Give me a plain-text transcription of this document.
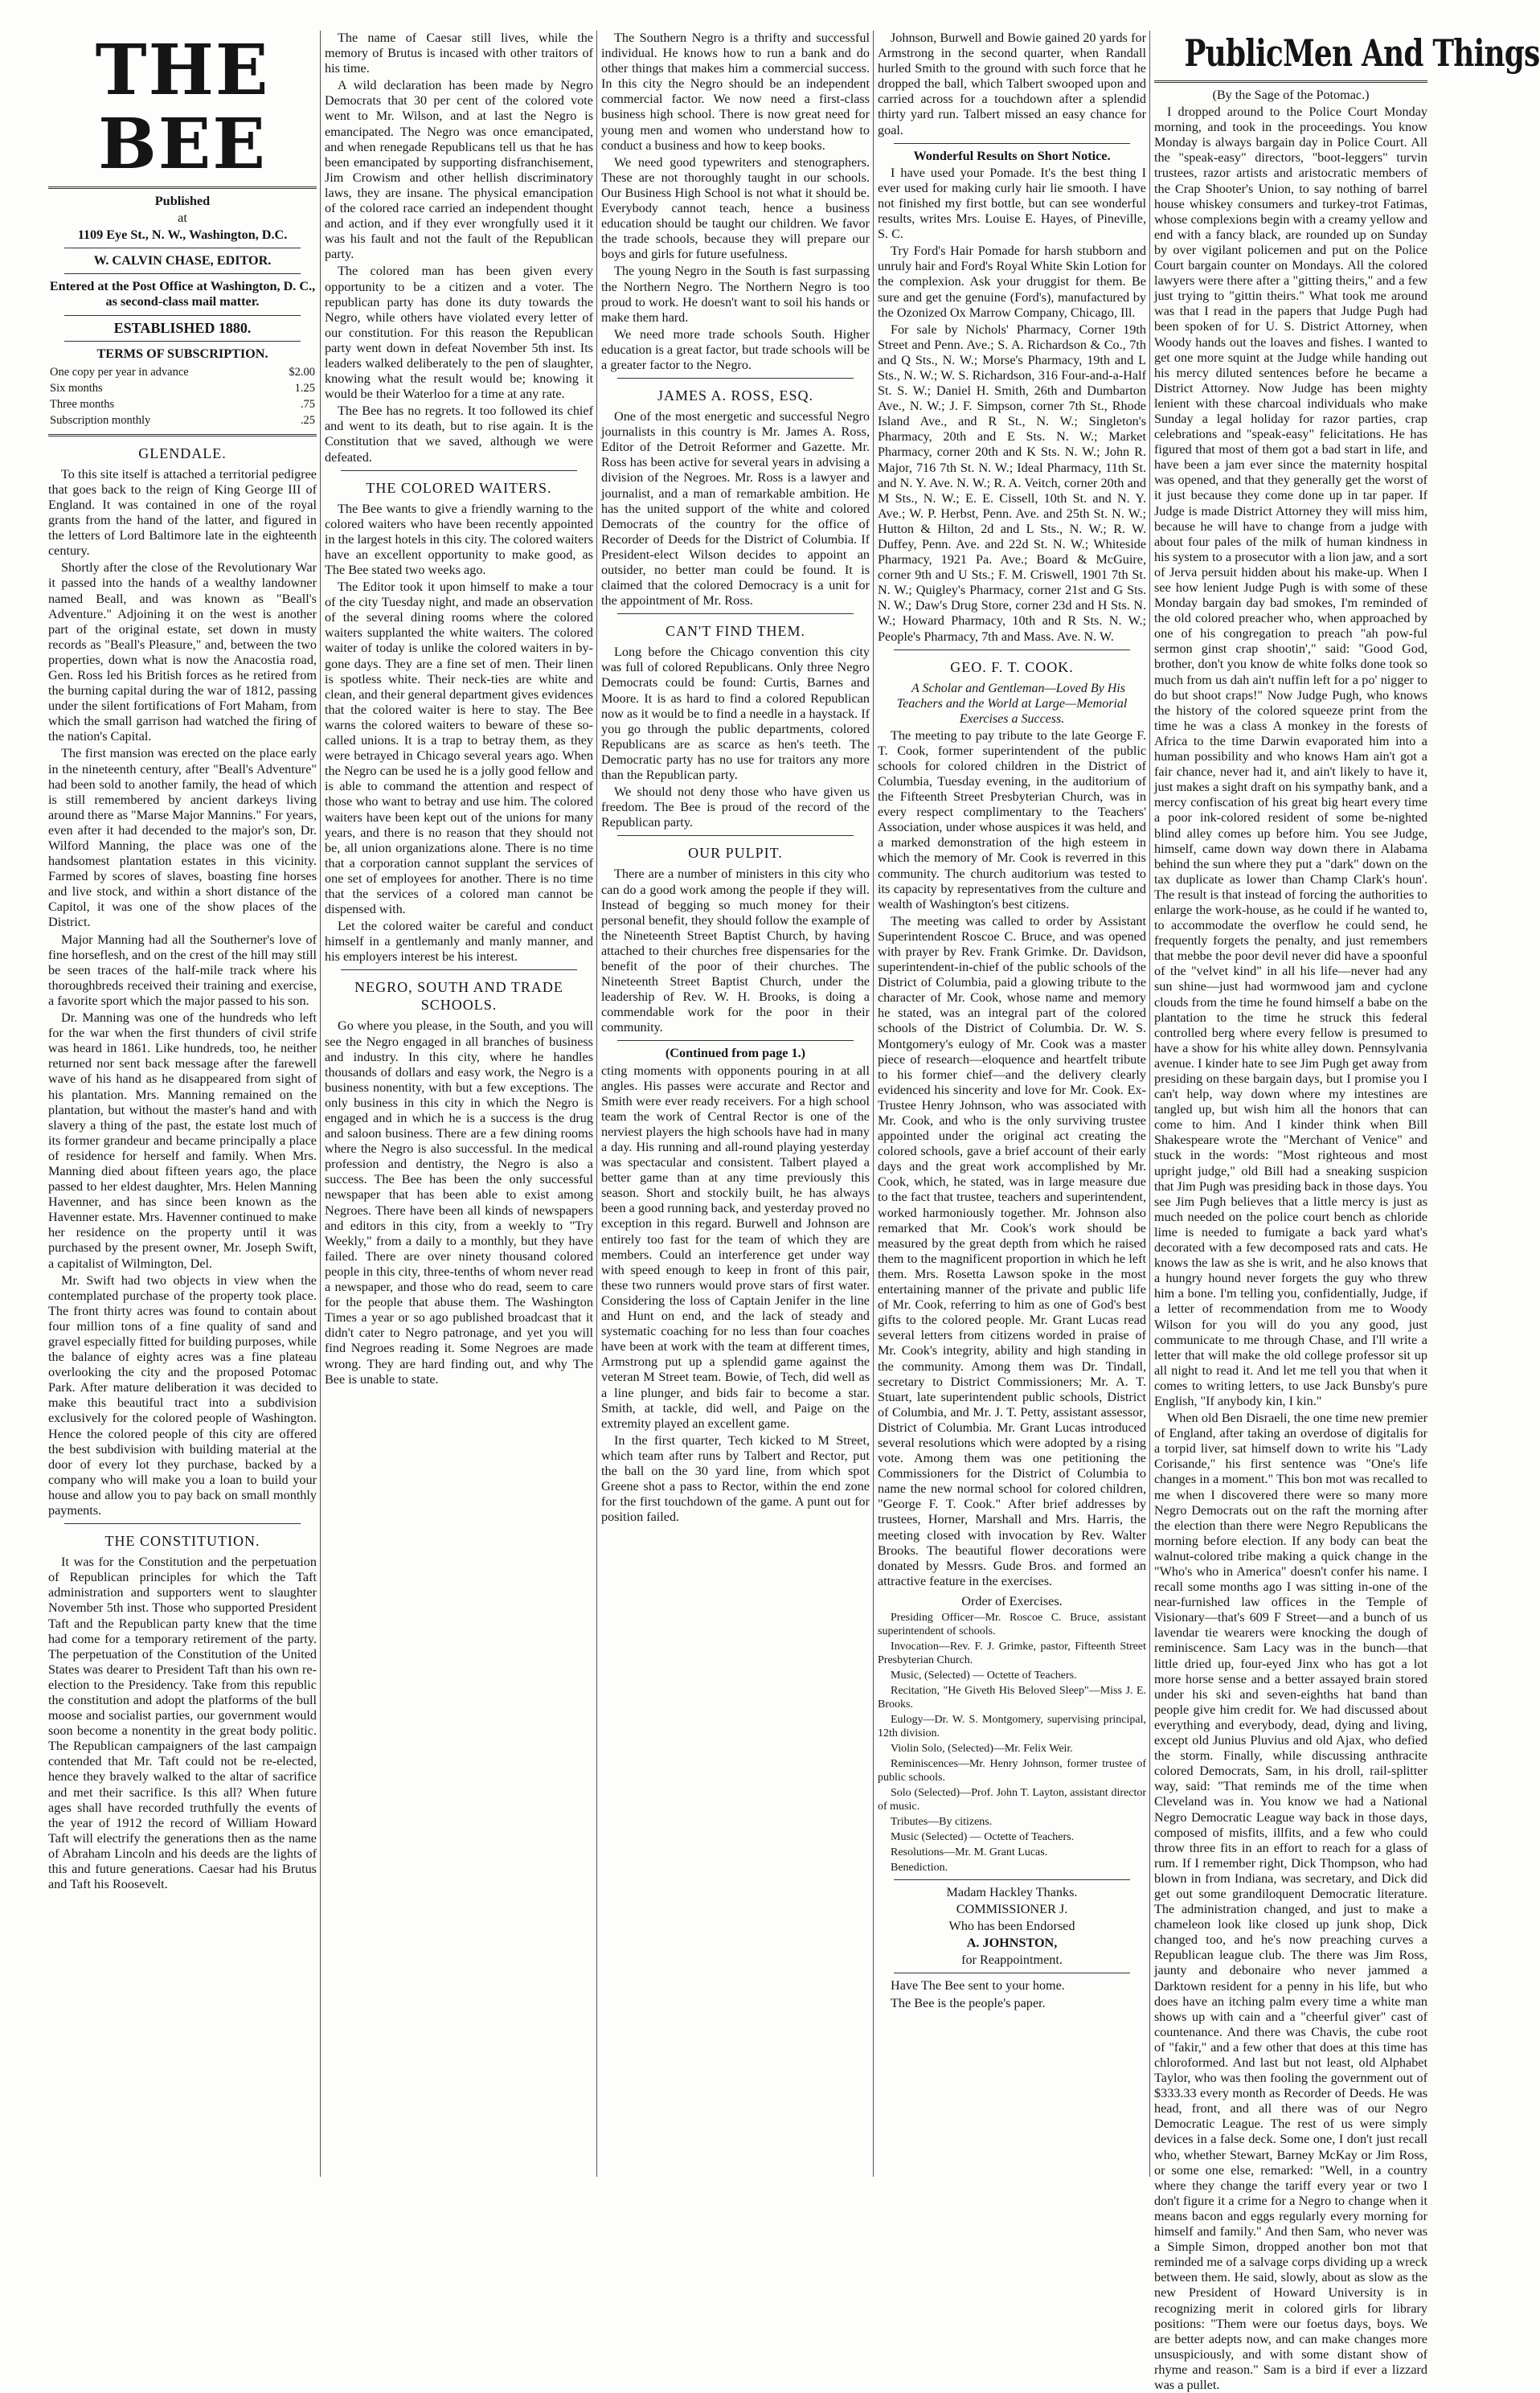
THE BEE

Published

at

1109 Eye St., N. W., Washington, D.C.

W. CALVIN CHASE, EDITOR.

Entered at the Post Office at Washington, D. C., as second-class mail matter.

ESTABLISHED 1880.

TERMS OF SUBSCRIPTION.

One copy per year in advance	$2.00
Six months	1.25
Three months	.75
Subscription monthly	.25
GLENDALE.

To this site itself is attached a territorial pedigree that goes back to the reign of King George III of England. It was contained in one of the royal grants from the hand of the latter, and figured in the letters of Lord Baltimore late in the eighteenth century.

Shortly after the close of the Revolutionary War it passed into the hands of a wealthy landowner named Beall, and was known as "Beall's Adventure." Adjoining it on the west is another part of the original estate, set down in musty records as "Beall's Pleasure," and, between the two properties, down what is now the Anacostia road, Gen. Ross led his British forces as he retired from the burning capital during the war of 1812, passing under the silent fortifications of Fort Maham, from which the small garrison had watched the firing of the nation's Capital.

The first mansion was erected on the place early in the nineteenth century, after "Beall's Adventure" had been sold to another family, the head of which is still remembered by ancient darkeys living around there as "Marse Major Mannins." For years, even after it had decended to the major's son, Dr. Wilford Manning, the place was one of the handsomest plantation estates in this vicinity. Farmed by scores of slaves, boasting fine horses and live stock, and within a short distance of the Capitol, it was one of the show places of the District.

Major Manning had all the Southerner's love of fine horseflesh, and on the crest of the hill may still be seen traces of the half-mile track where his thoroughbreds received their training and exercise, a favorite sport which the major passed to his son.

Dr. Manning was one of the hundreds who left for the war when the first thunders of civil strife was heard in 1861. Like hundreds, too, he neither returned nor sent back message after the farewell wave of his hand as he disappeared from sight of his plantation. Mrs. Manning remained on the plantation, but without the master's hand and with slavery a thing of the past, the estate lost much of its former grandeur and became principally a place of residence for herself and family. When Mrs. Manning died about fifteen years ago, the place passed to her eldest daughter, Mrs. Helen Manning Havenner, and has since been known as the Havenner estate. Mrs. Havenner continued to make her residence on the property until it was purchased by the present owner, Mr. Joseph Swift, a capitalist of Wilmington, Del.

Mr. Swift had two objects in view when the contemplated purchase of the property took place. The front thirty acres was found to contain about four million tons of a fine quality of sand and gravel especially fitted for building purposes, while the balance of eighty acres was a fine plateau overlooking the city and the proposed Potomac Park. After mature deliberation it was decided to make this beautiful tract into a subdivision exclusively for the colored people of Washington. Hence the colored people of this city are offered the best subdivision with building material at the door of every lot they purchase, backed by a company who will make you a loan to build your house and allow you to pay back on small monthly payments.

THE CONSTITUTION.

It was for the Constitution and the perpetuation of Republican principles for which the Taft administration and supporters went to slaughter November 5th inst. Those who supported President Taft and the Republican party knew that the time had come for a temporary retirement of the party. The perpetuation of the Constitution of the United States was dearer to President Taft than his own re-election to the Presidency. Take from this republic the constitution and adopt the platforms of the bull moose and socialist parties, our government would soon become a nonentity in the great body politic. The Republican campaigners of the last campaign contended that Mr. Taft could not be re-elected, hence they bravely walked to the altar of sacrifice and met their sacrifice. Is this all? When future ages shall have recorded truthfully the events of the year of 1912 the record of William Howard Taft will electrify the generations then as the name of Abraham Lincoln and his deeds are the lights of this and future generations. Caesar had his Brutus and Taft his Roosevelt.

The name of Caesar still lives, while the memory of Brutus is incased with other traitors of his time.

A wild declaration has been made by Negro Democrats that 30 per cent of the colored vote went to Mr. Wilson, and at last the Negro is emancipated. The Negro was once emancipated, and when renegade Republicans tell us that he has been emancipated by supporting disfranchisement, Jim Crowism and other hellish discriminatory laws, they are insane. The physical emancipation of the colored race carried an independent thought and action, and if they ever wrongfully used it it was his fault and not the fault of the Republican party.

The colored man has been given every opportunity to be a citizen and a voter. The republican party has done its duty towards the Negro, while others have violated every letter of our constitution. For this reason the Republican party went down in defeat November 5th inst. Its leaders walked deliberately to the pen of slaughter, knowing what the result would be; knowing it would be their Waterloo for a time at any rate.

The Bee has no regrets. It too followed its chief and went to its death, but to rise again. It is the Constitution that we saved, although we were defeated.

THE COLORED WAITERS.

The Bee wants to give a friendly warning to the colored waiters who have been recently appointed in the largest hotels in this city. The colored waiters have an excellent opportunity to make good, as The Bee stated two weeks ago.

The Editor took it upon himself to make a tour of the city Tuesday night, and made an observation of the several dining rooms where the colored waiters supplanted the white waiters. The colored waiter of today is unlike the colored waiters in by-gone days. They are a fine set of men. Their linen is spotless white. Their neck-ties are white and clean, and their general department gives evidences that the colored waiter is here to stay. The Bee warns the colored waiters to beware of these so-called unions. It is a trap to betray them, as they were betrayed in Chicago several years ago. When the Negro can be used he is a jolly good fellow and is able to command the attention and respect of those who want to betray and use him. The colored waiters have been kept out of the unions for many years, and there is no reason that they should not be, all union organizations alone. There is no time that a corporation cannot supplant the services of one set of employees for another. There is no time that the services of a colored man cannot be dispensed with.

Let the colored waiter be careful and conduct himself in a gentlemanly and manly manner, and his employers interest be his interest.

NEGRO, SOUTH AND TRADE SCHOOLS.

Go where you please, in the South, and you will see the Negro engaged in all branches of business and industry. In this city, where he handles thousands of dollars and easy work, the Negro is a business nonentity, with but a few exceptions. The only business in this city in which the Negro is engaged and in which he is a success is the drug and saloon business. There are a few dining rooms where the Negro is also successful. In the medical profession and dentistry, the Negro is also a success. The Bee has been the only successful newspaper that has been able to exist among Negroes. There have been all kinds of newspapers and editors in this city, from a weekly to "Try Weekly," from a daily to a monthly, but they have failed. There are over ninety thousand colored people in this city, three-tenths of whom never read a newspaper, and those who do read, seem to care for the people that abuse them. The Washington Times a year or so ago published broadcast that it didn't cater to Negro patronage, and yet you will find Negroes reading it. Some Negroes are made wrong. They are hard finding out, and why The Bee is unable to state.

The Southern Negro is a thrifty and successful individual. He knows how to run a bank and do other things that makes him a commercial success. In this city the Negro should be an independent commercial factor. We now need a first-class business high school. There is now great need for young men and women who understand how to conduct a business and how to keep books.

We need good typewriters and stenographers. These are not thoroughly taught in our schools. Our Business High School is not what it should be. Everybody cannot teach, hence a business education should be taught our children. We favor the trade schools, because they will prepare our boys and girls for future usefulness.

The young Negro in the South is fast surpassing the Northern Negro. The Northern Negro is too proud to work. He doesn't want to soil his hands or make them hard.

We need more trade schools South. Higher education is a great factor, but trade schools will be a greater factor to the Negro.

JAMES A. ROSS, ESQ.

One of the most energetic and successful Negro journalists in this country is Mr. James A. Ross, Editor of the Detroit Reformer and Gazette. Mr. Ross has been active for several years in advising a division of the Negroes. Mr. Ross is a lawyer and journalist, and a man of remarkable ambition. He has the united support of the white and colored Democrats of the country for the office of Recorder of Deeds for the District of Columbia. If President-elect Wilson decides to appoint an outsider, no better man could be found. It is claimed that the colored Democracy is a unit for the appointment of Mr. Ross.

CAN'T FIND THEM.

Long before the Chicago convention this city was full of colored Republicans. Only three Negro Democrats could be found: Curtis, Barnes and Moore. It is as hard to find a colored Republican now as it would be to find a needle in a haystack. If you go through the public departments, colored Republicans are as scarce as hen's teeth. The Democratic party has no use for traitors any more than the Republican party.

We should not deny those who have given us freedom. The Bee is proud of the record of the Republican party.

OUR PULPIT.

There are a number of ministers in this city who can do a good work among the people if they will. Instead of begging so much money for their personal benefit, they should follow the example of the Nineteenth Street Baptist Church, by having attached to their churches free dispensaries for the benefit of the poor of their churches. The Nineteenth Street Baptist Church, under the leadership of Rev. W. H. Brooks, is doing a commendable work for the poor in their community.

(Continued from page 1.)

cting moments with opponents pouring in at all angles. His passes were accurate and Rector and Smith were ever ready receivers. For a high school team the work of Central Rector is one of the nerviest players the high schools have had in many a day. His running and all-round playing yesterday was spectacular and consistent. Talbert played a better game than at any time previously this season. Short and stockily built, he has always been a good running back, and yesterday proved no exception in this regard. Burwell and Johnson are entirely too fast for the team of which they are members. Could an interference get under way with speed enough to keep in front of this pair, these two runners would prove stars of first water. Considering the loss of Captain Jenifer in the line and Hunt on end, and the lack of steady and systematic coaching for no less than four coaches have been at work with the team at different times, Armstrong put up a splendid game against the veteran M Street team. Bowie, of Tech, did well as a line plunger, and bids fair to become a star. Smith, at tackle, did well, and Paige on the extremity played an excellent game.

In the first quarter, Tech kicked to M Street, which team after runs by Talbert and Rector, put the ball on the 30 yard line, from which spot Greene shot a pass to Rector, within the end zone for the first touchdown of the game. A punt out for position failed.

Johnson, Burwell and Bowie gained 20 yards for Armstrong in the second quarter, when Randall hurled Smith to the ground with such force that he dropped the ball, which Talbert swooped upon and carried across for a touchdown after a splendid thirty yard run. Talbert missed an easy chance for goal.

Wonderful Results on Short Notice.

I have used your Pomade. It's the best thing I ever used for making curly hair lie smooth. I have not finished my first bottle, but can see wonderful results, writes Mrs. Louise E. Hayes, of Pineville, S. C.

Try Ford's Hair Pomade for harsh stubborn and unruly hair and Ford's Royal White Skin Lotion for the complexion. Ask your druggist for them. Be sure and get the genuine (Ford's), manufactured by the Ozonized Ox Marrow Company, Chicago, Ill.

For sale by Nichols' Pharmacy, Corner 19th Street and Penn. Ave.; S. A. Richardson & Co., 7th and Q Sts., N. W.; Morse's Pharmacy, 19th and L Sts., N. W.; W. S. Richardson, 316 Four-and-a-Half St. S. W.; Daniel H. Smith, 26th and Dumbarton Ave., N. W.; J. F. Simpson, corner 7th St., Rhode Island Ave., and R St., N. W.; Singleton's Pharmacy, 20th and E Sts. N. W.; Market Pharmacy, corner 20th and K Sts. N. W.; John R. Major, 716 7th St. N. W.; Ideal Pharmacy, 11th St. and N. Y. Ave. N. W.; R. A. Veitch, corner 20th and M Sts., N. W.; E. E. Cissell, 10th St. and N. Y. Ave.; W. P. Herbst, Penn. Ave. and 25th St. N. W.; Hutton & Hilton, 2d and L Sts., N. W.; R. W. Duffey, Penn. Ave. and 22d St. N. W.; Whiteside Pharmacy, 1921 Pa. Ave.; Board & McGuire, corner 9th and U Sts.; F. M. Criswell, 1901 7th St. N. W.; Quigley's Pharmacy, corner 21st and G Sts. N. W.; Daw's Drug Store, corner 23d and H Sts. N. W.; Howard Pharmacy, 10th and R Sts. N. W.; People's Pharmacy, 7th and Mass. Ave. N. W.

GEO. F. T. COOK.

A Scholar and Gentleman—Loved By His Teachers and the World at Large—Memorial Exercises a Success.

The meeting to pay tribute to the late George F. T. Cook, former superintendent of the public schools for colored children in the District of Columbia, Tuesday evening, in the auditorium of the Fifteenth Street Presbyterian Church, was in every respect complimentary to the Teachers' Association, under whose auspices it was held, and a marked demonstration of the high esteem in which the memory of Mr. Cook is reverred in this community. The church auditorium was tested to its capacity by representatives from the culture and wealth of Washington's best citizens.

The meeting was called to order by Assistant Superintendent Roscoe C. Bruce, and was opened with prayer by Rev. Frank Grimke. Dr. Davidson, superintendent-in-chief of the public schools of the District of Columbia, paid a glowing tribute to the character of Mr. Cook, whose name and memory he stated, was an integral part of the colored schools of the District of Columbia. Dr. W. S. Montgomery's eulogy of Mr. Cook was a master piece of research—eloquence and heartfelt tribute to his former chief—and the delivery clearly evidenced his sincerity and love for Mr. Cook. Ex-Trustee Henry Johnson, who was associated with Mr. Cook, and who is the only surviving trustee appointed under the original act creating the colored schools, gave a brief account of their early days and the great work accomplished by Mr. Cook, which, he stated, was in large measure due to the fact that trustee, teachers and superintendent, worked harmoniously together. Mr. Johnson also remarked that Mr. Cook's work should be measured by the great depth from which he raised them to the magnificent proportion in which he left them. Mrs. Rosetta Lawson spoke in the most entertaining manner of the private and public life of Mr. Cook, referring to him as one of God's best gifts to the colored people. Mr. Grant Lucas read several letters from citizens worded in praise of Mr. Cook's integrity, ability and high standing in the community. Among them was Dr. Tindall, secretary to District Commissioners; Mr. A. T. Stuart, late superintendent public schools, District of Columbia, and Mr. J. T. Petty, assistant assessor, District of Columbia. Mr. Grant Lucas introduced several resolutions which were adopted by a rising vote. Among them was one petitioning the Commissioners for the District of Columbia to name the new normal school for colored children, "George F. T. Cook." After brief addresses by trustees, Horner, Marshall and Mrs. Harris, the meeting closed with invocation by Rev. Walter Brooks. The beautiful flower decorations were donated by Messrs. Gude Bros. and formed an attractive feature in the exercises.

Order of Exercises.

Presiding Officer—Mr. Roscoe C. Bruce, assistant superintendent of schools.

Invocation—Rev. F. J. Grimke, pastor, Fifteenth Street Presbyterian Church.

Music, (Selected) — Octette of Teachers.

Recitation, "He Giveth His Beloved Sleep"—Miss J. E. Brooks.

Eulogy—Dr. W. S. Montgomery, supervising principal, 12th division.

Violin Solo, (Selected)—Mr. Felix Weir.

Reminiscences—Mr. Henry Johnson, former trustee of public schools.

Solo (Selected)—Prof. John T. Layton, assistant director of music.

Tributes—By citizens.

Music (Selected) — Octette of Teachers.

Resolutions—Mr. M. Grant Lucas.

Benediction.

Madam Hackley Thanks.

COMMISSIONER J.

Who has been Endorsed

A. JOHNSTON,

for Reappointment.

Have The Bee sent to your home.

The Bee is the people's paper.

PublicMen And Things

(By the Sage of the Potomac.)

I dropped around to the Police Court Monday morning, and took in the proceedings. You know Monday is always bargain day in Police Court. All the "speak-easy" directors, "boot-leggers" turvin trustees, razor artists and aristocratic members of the Crap Shooter's Union, to say nothing of barrel house whiskey consumers and turkey-trot Fatimas, whose complexions begin with a creamy yellow and end with a fancy black, are rounded up on Sunday by over vigilant policemen and put on the Police Court bargain counter on Mondays. All the colored lawyers were there after a "gitting theirs," and a few just trying to "gittin theirs." What took me around was that I read in the papers that Judge Pugh had been spoken of for U. S. District Attorney, when Woody hands out the loaves and fishes. I wanted to get one more squint at the Judge while handing out his mercy diluted sentences before he became a District Attorney. Now Judge has been mighty lenient with these charcoal individuals who make Sunday a legal holiday for razor parties, crap celebrations and "speak-easy" felicitations. He has figured that most of them got a bad start in life, and have been a jam ever since the maternity hospital was opened, and that they generally get the worst of it just because they come done up in tar paper. If Judge is made District Attorney they will miss him, because he will have to change from a judge with about four pales of the milk of human kindness in his system to a prosecutor with a lion jaw, and a sort of Jerva persuit hidden about his make-up. When I see how lenient Judge Pugh is with some of these Monday bargain day bad smokes, I'm reminded of the old colored preacher who, when approached by one of his congregation to preach "ah pow-ful sermon ginst crap shootin'," said: "Good God, brother, don't you know de white folks done took so much from us dah ain't nuffin left for a po' nigger to do but shoot craps!" Now Judge Pugh, who knows the history of the colored squeeze print from the time he was a class A monkey in the forests of Africa to the time Darwin evaporated him into a human possibility and who knows Ham ain't got a fair chance, never had it, and ain't likely to have it, just makes a sight draft on his sympathy bank, and a mercy confiscation of his great big heart every time a poor ink-colored resident of some be-nighted blind alley comes up before him. You see Judge, himself, came down way down there in Alabama behind the sun where they put a "dark" down on the tax duplicate as lower than Champ Clark's houn'. The result is that instead of forcing the authorities to enlarge the work-house, as he could if he wanted to, to accommodate the overflow he could send, he frequently forgets the penalty, and just remembers that mebbe the poor devil never did have a spoonful of the "velvet kind" in all his life—never had any sun shine—just had wormwood jam and cyclone clouds from the time he found himself a babe on the plantation to the time he struck this federal controlled berg where every fellow is presumed to have a show for his white alley down. Pennsylvania avenue. I kinder hate to see Jim Pugh get away from presiding on these bargain days, but I promise you I can't help, way down where my intestines are tangled up, but wish him all the honors that can come to him. And I kinder think when Bill Shakespeare wrote the "Merchant of Venice" and stuck in the words: "Most righteous and most upright judge," old Bill had a sneaking suspicion that Jim Pugh was presiding back in those days. You see Jim Pugh believes that a little mercy is just as much needed on the police court bench as chloride lime is needed to fumigate a back yard what's decorated with a few decomposed rats and cats. He knows the law as she is writ, and he also knows that a hungry hound never forgets the guy who threw him a bone. I'm telling you, confidentially, Judge, if a letter of recommendation from me to Woody Wilson for you will do you any good, just communicate to me through Chase, and I'll write a letter that will make the old college professor sit up all night to read it. And let me tell you that when it comes to writing letters, to use Jack Bunsby's pure English, "If anybody kin, I kin."

When old Ben Disraeli, the one time new premier of England, after taking an overdose of digitalis for a torpid liver, sat himself down to write his "Lady Corisande," his first sentence was "One's life changes in a moment." This bon mot was recalled to me when I discovered there were so many more Negro Democrats out on the raft the morning after the election than there were Negro Republicans the morning before election. If any body can beat the walnut-colored tribe making a quick change in the "Who's who in America" doesn't confer his name. I recall some months ago I was sitting in-one of the near-furnished law offices in the Temple of Visionary—that's 609 F Street—and a bunch of us lavendar tie wearers were knocking the dough of reminiscence. Sam Lacy was in the bunch—that little dried up, four-eyed Jinx who has got a lot more horse sense and a better assayed brain stored under his ski and seven-eighths hat band than people give him credit for. We had discussed about everything and everybody, dead, dying and living, except old Junius Pluvius and old Ajax, who defied the storm. Finally, while discussing anthracite colored Democrats, Sam, in his droll, rail-splitter way, said: "That reminds me of the time when Cleveland was in. You know we had a National Negro Democratic League way back in those days, composed of misfits, illfits, and a few who could throw three fits in an effort to reach for a glass of rum. If I remember right, Dick Thompson, who had blown in from Indiana, was secretary, and Dick did get out some grandiloquent Democratic literature. The administration changed, and just to make a chameleon look like closed up junk shop, Dick changed too, and he's now preaching curves a Republican league club. The there was Jim Ross, jaunty and debonaire who never jammed a Darktown resident for a penny in his life, but who does have an itching palm every time a white man shows up with cain and a "cheerful giver" cast of countenance. And there was Chavis, the cube root of "fakir," and a few other that does at this time has chloroformed. And last but not least, old Alphabet Taylor, who was then fooling the government out of $333.33 every month as Recorder of Deeds. He was head, front, and all there was of our Negro Democratic League. The rest of us were simply devices in a false deck. Some one, I don't just recall who, whether Stewart, Barney McKay or Jim Ross, or some one else, remarked: "Well, in a country where they change the tariff every year or two I don't figure it a crime for a Negro to change when it means bacon and eggs regularly every morning for himself and family." And then Sam, who never was a Simple Simon, dropped another bon mot that reminded me of a salvage corps dividing up a wreck between them. He said, slowly, about as slow as the new President of Howard University is in recognizing merit in colored girls for library positions: "Them were our foetus days, boys. We are better adepts now, and can make changes more unsuspiciously, and with some distant show of rhyme and reason." Sam is a bird if ever a lizzard was a pullet.
